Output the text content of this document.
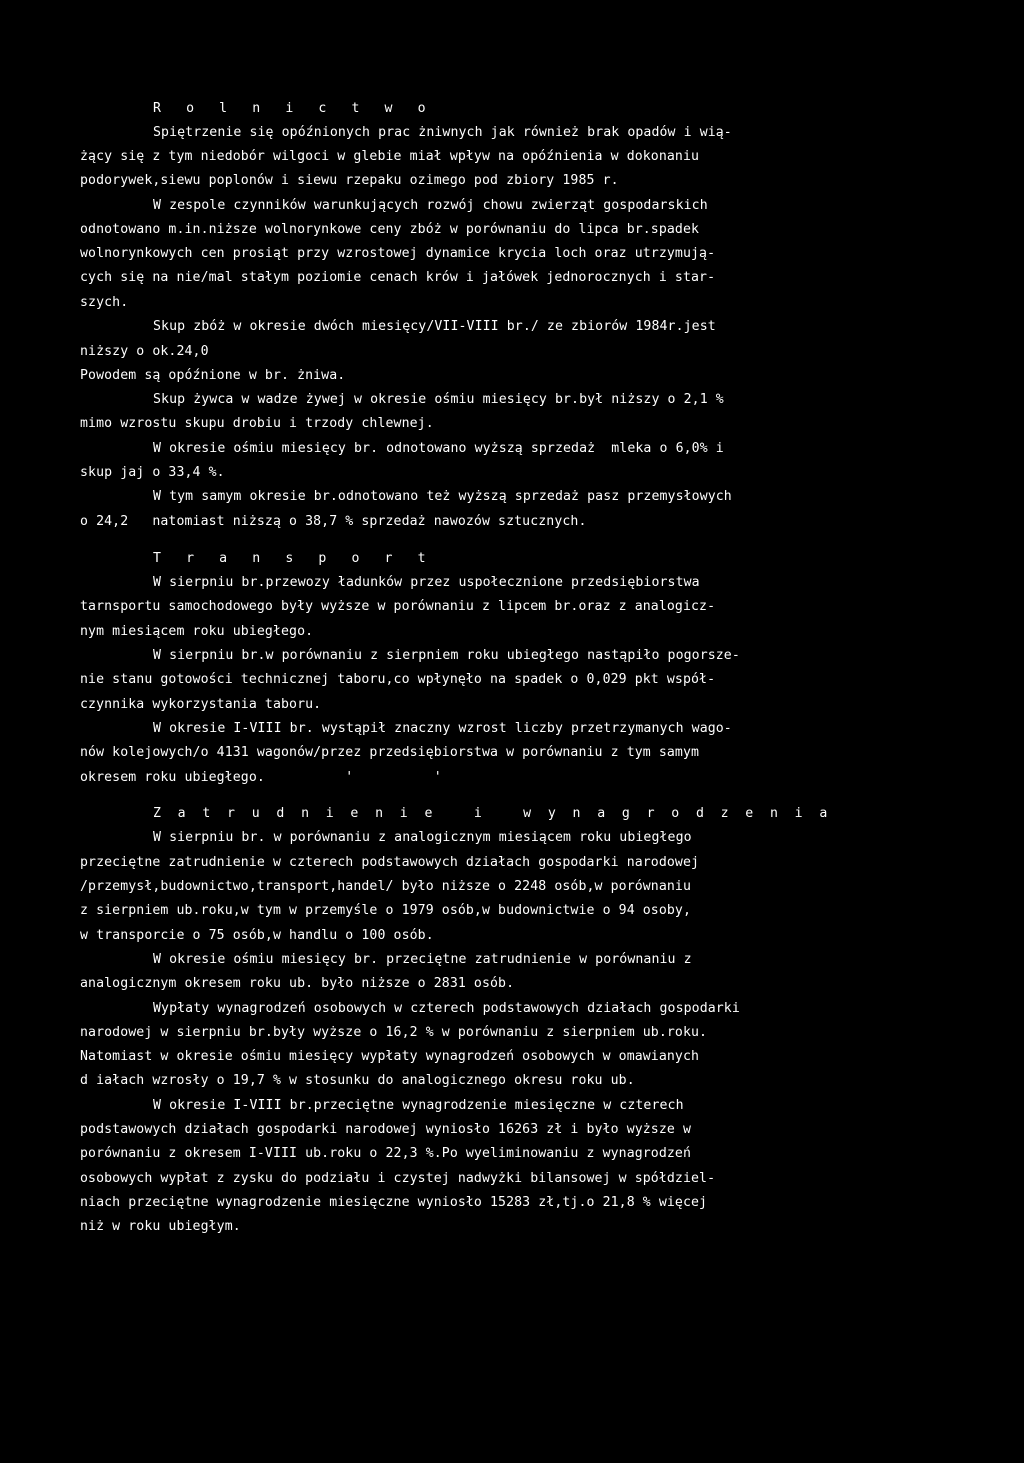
R o l n i c t w o
Spiętrzenie się opóźnionych prac żniwnych jak również brak opadów i wią-
żący się z tym niedobór wilgoci w glebie miał wpływ na opóźnienia w dokonaniu
podorywek,siewu poplonów i siewu rzepaku ozimego pod zbiory 1985 r.
W zespole czynników warunkujących rozwój chowu zwierząt gospodarskich
odnotowano m.in.niższe wolnorynkowe ceny zbóż w porównaniu do lipca br.spadek
wolnorynkowych cen prosiąt przy wzrostowej dynamice krycia loch oraz utrzymują-
cych się na nie/mal stałym poziomie cenach krów i jałówek jednorocznych i star-
szych.
Skup zbóż w okresie dwóch miesięcy/VII-VIII br./ ze zbiorów 1984r.jest
niższy o ok.24,0
Powodem są opóźnione w br. żniwa.
Skup żywca w wadze żywej w okresie ośmiu miesięcy br.był niższy o 2,1 %
mimo wzrostu skupu drobiu i trzody chlewnej.
W okresie ośmiu miesięcy br. odnotowano wyższą sprzedaż  mleka o 6,0% i
skup jaj o 33,4 %.
W tym samym okresie br.odnotowano też wyższą sprzedaż pasz przemysłowych
o 24,2   natomiast niższą o 38,7 % sprzedaż nawozów sztucznych.
T r a n s p o r t
W sierpniu br.przewozy ładunków przez uspołecznione przedsiębiorstwa
tarnsportu samochodowego były wyższe w porównaniu z lipcem br.oraz z analogicz-
nym miesiącem roku ubiegłego.
W sierpniu br.w porównaniu z sierpniem roku ubiegłego nastąpiło pogorsze-
nie stanu gotowości technicznej taboru,co wpłynęło na spadek o 0,029 pkt współ-
czynnika wykorzystania taboru.
W okresie I-VIII br. wystąpił znaczny wzrost liczby przetrzymanych wago-
nów kolejowych/o 4131 wagonów/przez przedsiębiorstwa w porównaniu z tym samym
okresem roku ubiegłego.          '          '
Z a t r u d n i e n i e   i   w y n a g r o d z e n i a
W sierpniu br. w porównaniu z analogicznym miesiącem roku ubiegłego
przeciętne zatrudnienie w czterech podstawowych działach gospodarki narodowej
/przemysł,budownictwo,transport,handel/ było niższe o 2248 osób,w porównaniu
z sierpniem ub.roku,w tym w przemyśle o 1979 osób,w budownictwie o 94 osoby,
w transporcie o 75 osób,w handlu o 100 osób.
W okresie ośmiu miesięcy br. przeciętne zatrudnienie w porównaniu z
analogicznym okresem roku ub. było niższe o 2831 osób.
Wypłaty wynagrodzeń osobowych w czterech podstawowych działach gospodarki
narodowej w sierpniu br.były wyższe o 16,2 % w porównaniu z sierpniem ub.roku.
Natomiast w okresie ośmiu miesięcy wypłaty wynagrodzeń osobowych w omawianych
d iałach wzrosły o 19,7 % w stosunku do analogicznego okresu roku ub.
W okresie I-VIII br.przeciętne wynagrodzenie miesięczne w czterech
podstawowych działach gospodarki narodowej wyniosło 16263 zł i było wyższe w
porównaniu z okresem I-VIII ub.roku o 22,3 %.Po wyeliminowaniu z wynagrodzeń
osobowych wypłat z zysku do podziału i czystej nadwyżki bilansowej w spółdziel-
niach przeciętne wynagrodzenie miesięczne wyniosło 15283 zł,tj.o 21,8 % więcej
niż w roku ubiegłym.
